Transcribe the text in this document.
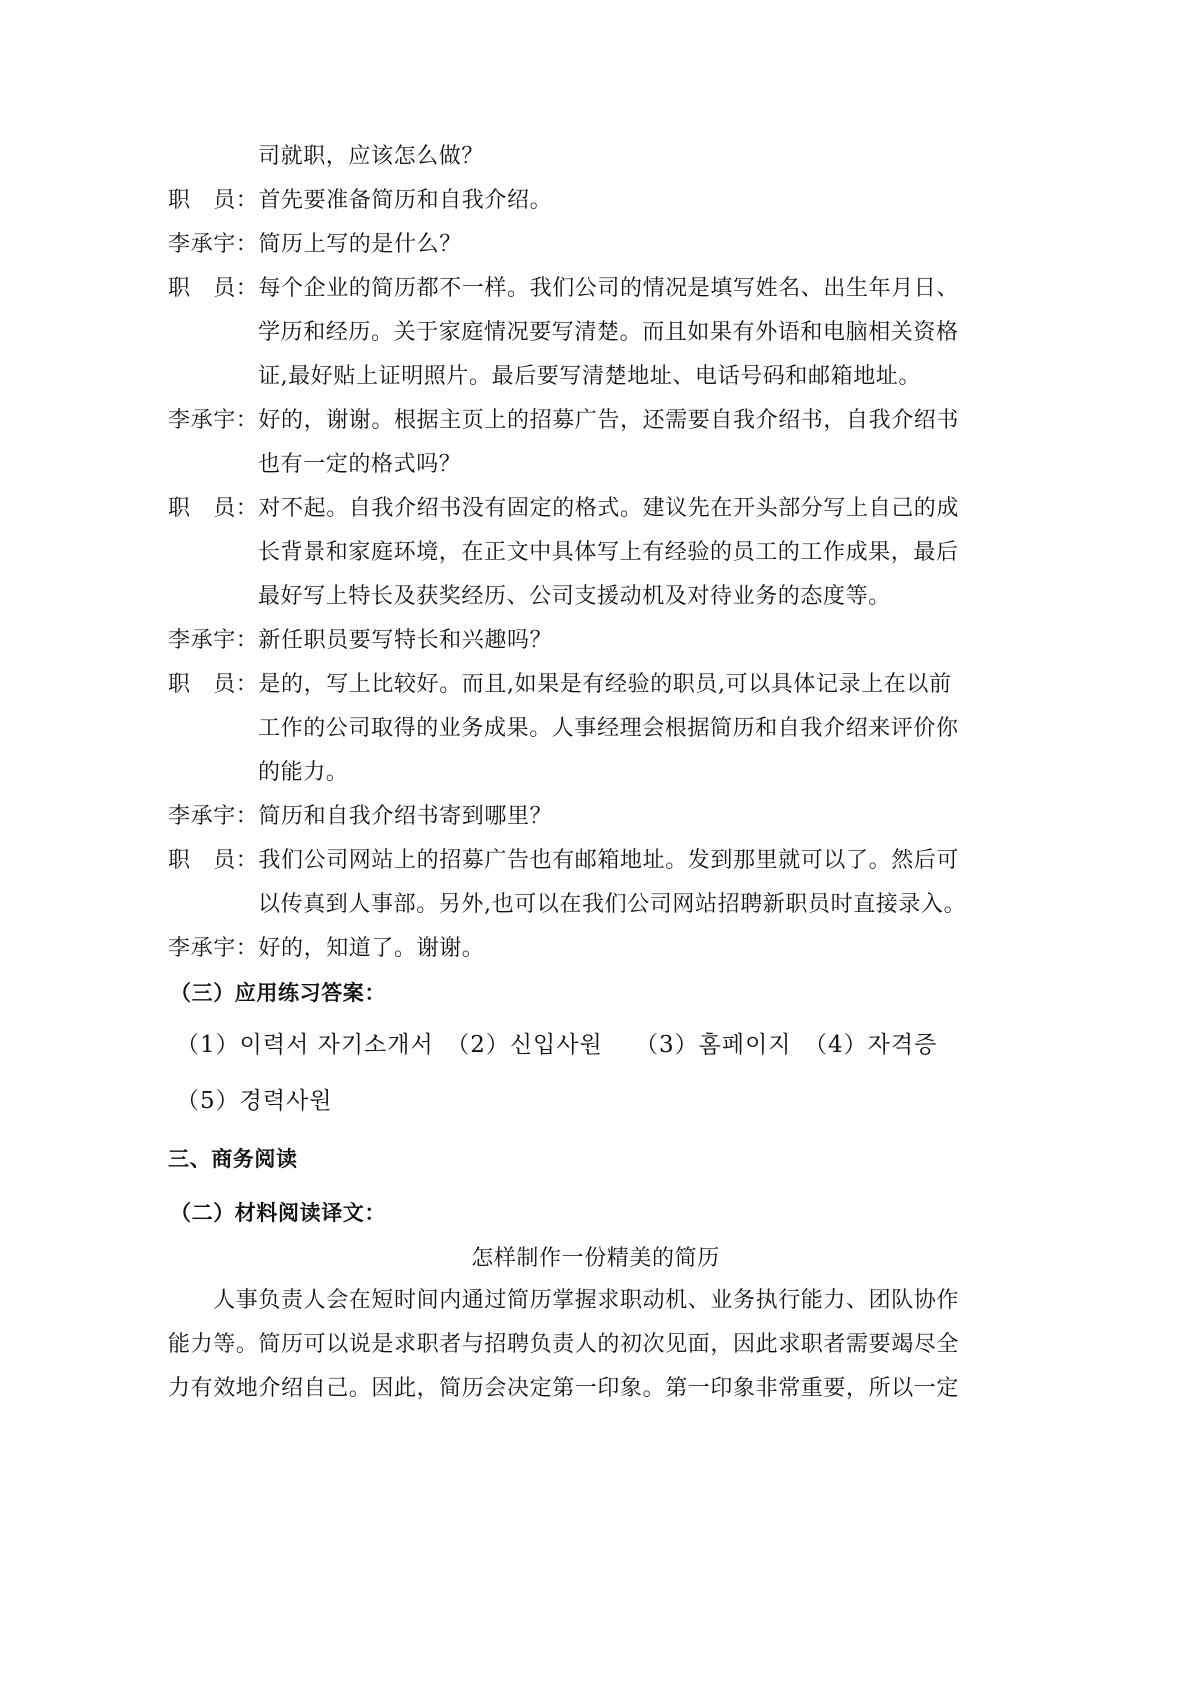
司就职，应该怎么做？
职　员：首先要准备简历和自我介绍。
李承宇：简历上写的是什么？
职　员：每个企业的简历都不一样。我们公司的情况是填写姓名、出生年月日、
学历和经历。关于家庭情况要写清楚。而且如果有外语和电脑相关资格
证,最好贴上证明照片。最后要写清楚地址、电话号码和邮箱地址。
李承宇：好的，谢谢。根据主页上的招募广告，还需要自我介绍书，自我介绍书
也有一定的格式吗？
职　员：对不起。自我介绍书没有固定的格式。建议先在开头部分写上自己的成
长背景和家庭环境，在正文中具体写上有经验的员工的工作成果，最后
最好写上特长及获奖经历、公司支援动机及对待业务的态度等。
李承宇：新任职员要写特长和兴趣吗？
职　员：是的，写上比较好。而且,如果是有经验的职员,可以具体记录上在以前
工作的公司取得的业务成果。人事经理会根据简历和自我介绍来评价你
的能力。
李承宇：简历和自我介绍书寄到哪里？
职　员：我们公司网站上的招募广告也有邮箱地址。发到那里就可以了。然后可
以传真到人事部。另外,也可以在我们公司网站招聘新职员时直接录入。
李承宇：好的，知道了。谢谢。
（三）应用练习答案：
（1）이력서 자기소개서　（2）신입사원　 （3）홈페이지　（4）자격증
（5）경력사원
三、商务阅读
（二）材料阅读译文：
怎样制作一份精美的简历
　　人事负责人会在短时间内通过简历掌握求职动机、业务执行能力、团队协作
能力等。简历可以说是求职者与招聘负责人的初次见面，因此求职者需要竭尽全
力有效地介绍自己。因此，简历会决定第一印象。第一印象非常重要，所以一定
